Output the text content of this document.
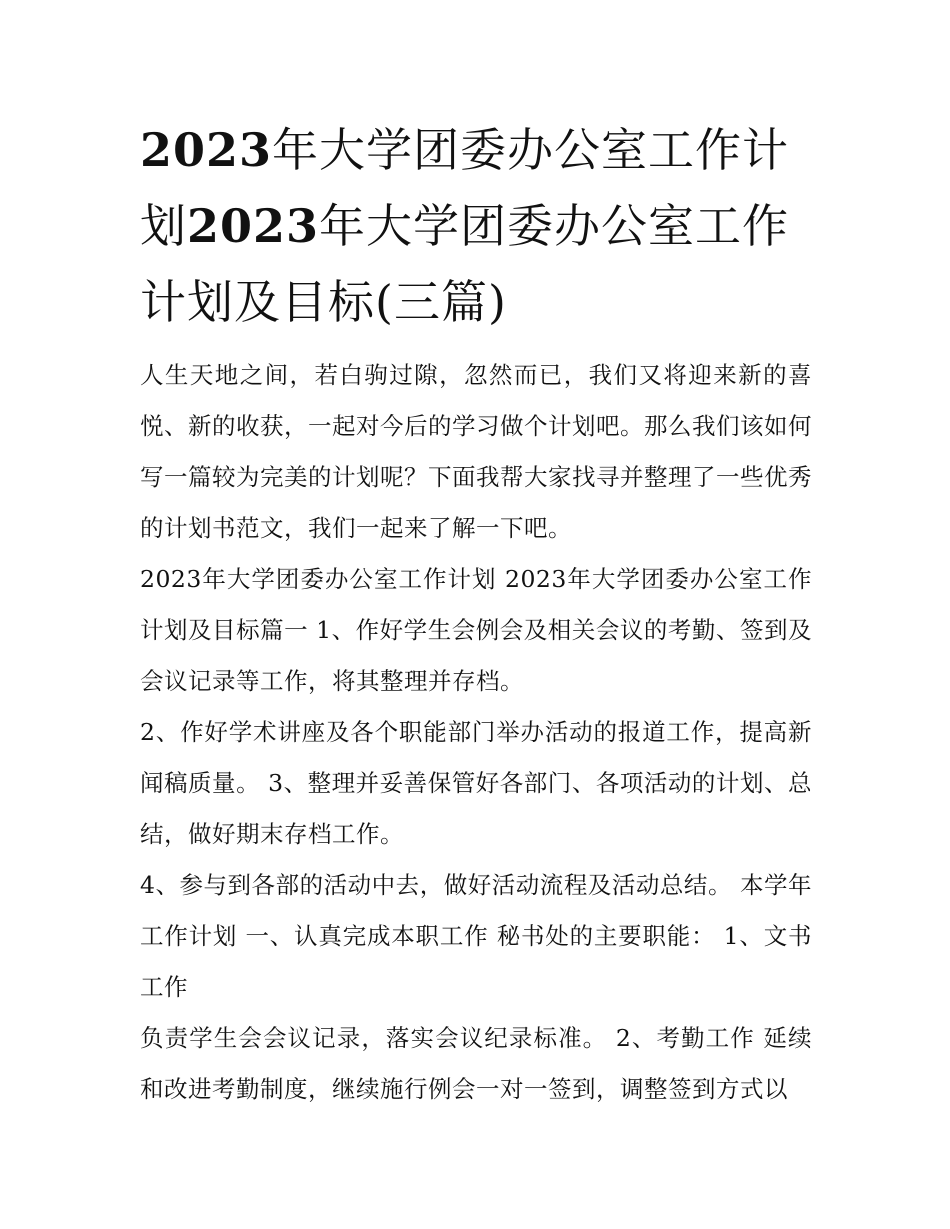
2023年大学团委办公室工作计划2023年大学团委办公室工作计划及目标(三篇)

人生天地之间，若白驹过隙，忽然而已，我们又将迎来新的喜悦、新的收获，一起对今后的学习做个计划吧。那么我们该如何写一篇较为完美的计划呢？下面我帮大家找寻并整理了一些优秀的计划书范文，我们一起来了解一下吧。

2023年大学团委办公室工作计划 2023年大学团委办公室工作计划及目标篇一 1、作好学生会例会及相关会议的考勤、签到及会议记录等工作，将其整理并存档。

2、作好学术讲座及各个职能部门举办活动的报道工作，提高新闻稿质量。 3、整理并妥善保管好各部门、各项活动的计划、总结，做好期末存档工作。

4、参与到各部的活动中去，做好活动流程及活动总结。 本学年工作计划 一、认真完成本职工作 秘书处的主要职能： 1、文书工作

负责学生会会议记录，落实会议纪录标准。 2、考勤工作 延续和改进考勤制度，继续施行例会一对一签到，调整签到方式以
